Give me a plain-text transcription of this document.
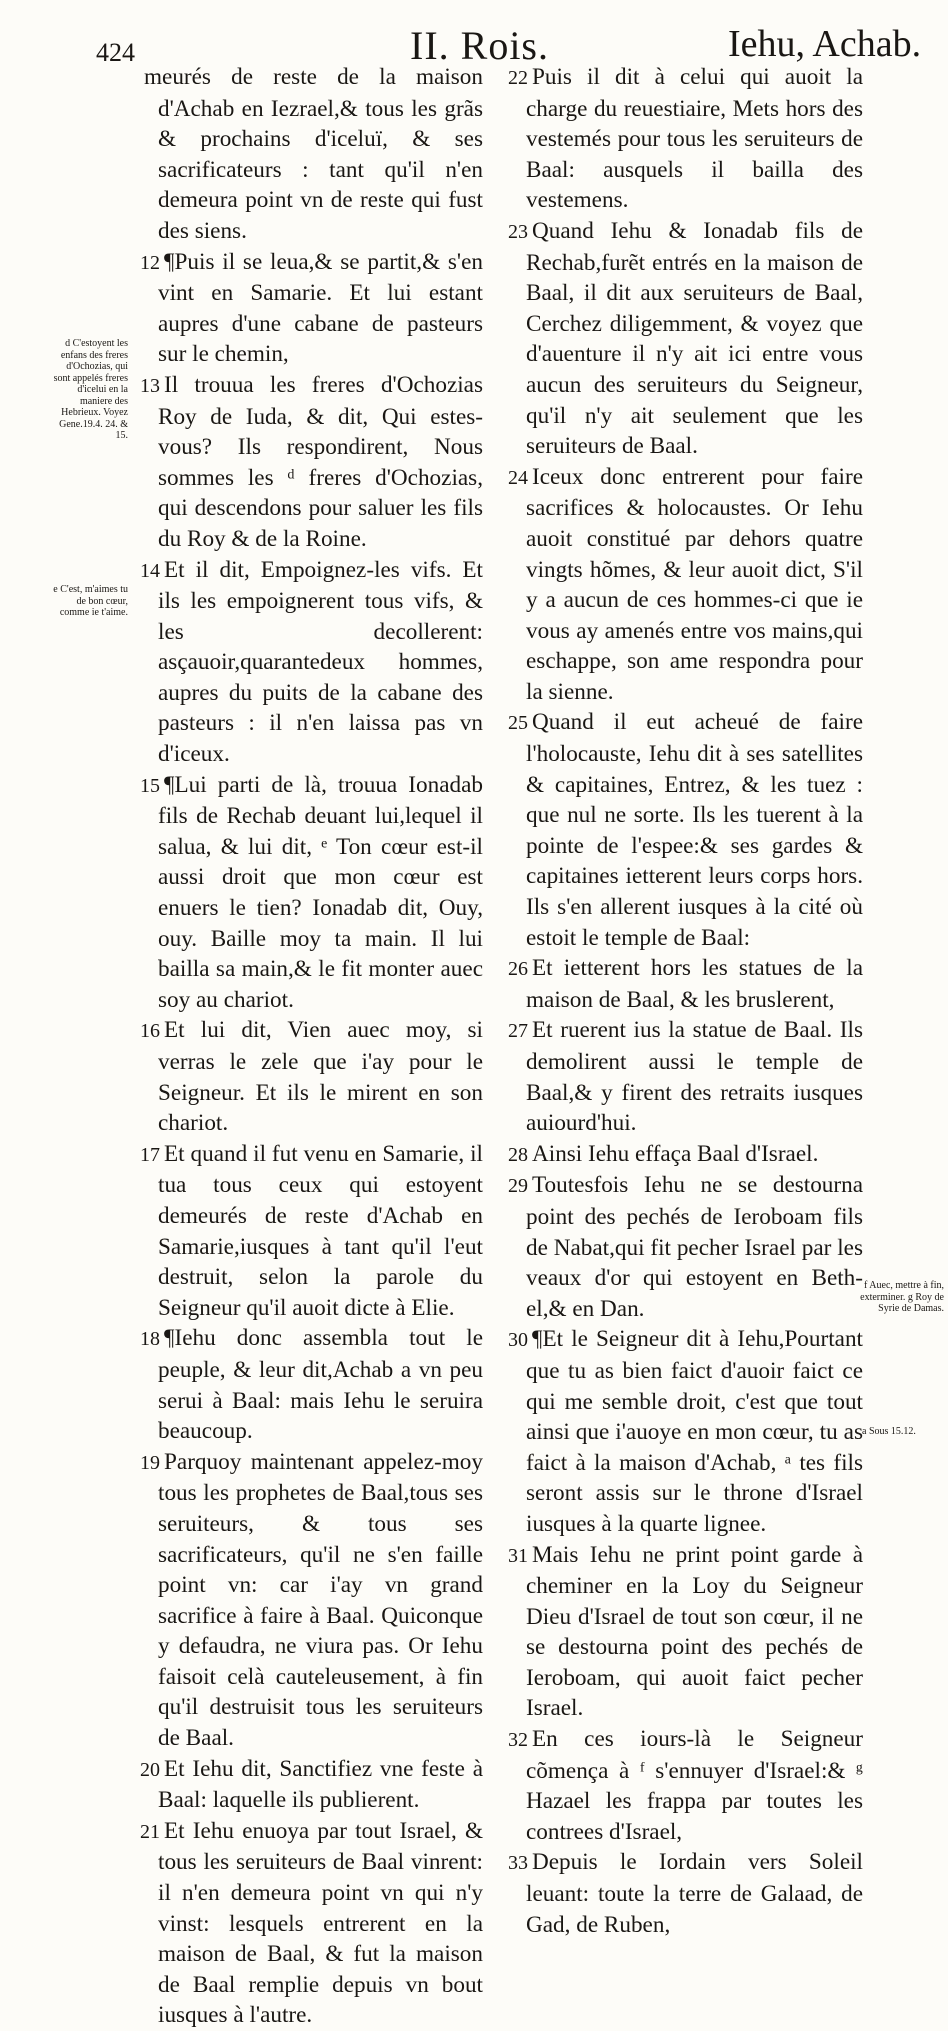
424	II. Rois.	Iehu, Achab.
d C'estoyent les enfans des freres d'Ochozias, qui sont appelés freres d'icelui en la maniere des Hebrieux. Voyez Gene.19.4. 24. & 15.
e C'est, m'aimes tu de bon cœur, comme ie t'aime.
a Sous 15.12.
f Auec, mettre à fin, exterminer. g Roy de Syrie de Damas.

meurés de reste de la maison d'Achab en Iezrael,& tous les grãs & prochains d'iceluï, & ses sacrificateurs : tant qu'il n'en demeura point vn de reste qui fust des siens.

12 ¶Puis il se leua,& se partit,& s'en vint en Samarie. Et lui estant aupres d'une cabane de pasteurs sur le chemin,

13 Il trouua les freres d'Ochozias Roy de Iuda, & dit, Qui estes-vous? Ils respondirent, Nous sommes les ᵈ freres d'Ochozias, qui descendons pour saluer les fils du Roy & de la Roine.

14 Et il dit, Empoignez-les vifs. Et ils les empoignerent tous vifs, & les decollerent: asçauoir,quarantedeux hommes, aupres du puits de la cabane des pasteurs : il n'en laissa pas vn d'iceux.

15 ¶Lui parti de là, trouua Ionadab fils de Rechab deuant lui,lequel il salua, & lui dit, ᵉ Ton cœur est-il aussi droit que mon cœur est enuers le tien? Ionadab dit, Ouy, ouy. Baille moy ta main. Il lui bailla sa main,& le fit monter auec soy au chariot.

16 Et lui dit, Vien auec moy, si verras le zele que i'ay pour le Seigneur. Et ils le mirent en son chariot.

17 Et quand il fut venu en Samarie, il tua tous ceux qui estoyent demeurés de reste d'Achab en Samarie,iusques à tant qu'il l'eut destruit, selon la parole du Seigneur qu'il auoit dicte à Elie.

18 ¶Iehu donc assembla tout le peuple, & leur dit,Achab a vn peu serui à Baal: mais Iehu le seruira beaucoup.

19 Parquoy maintenant appelez-moy tous les prophetes de Baal,tous ses seruiteurs, & tous ses sacrificateurs, qu'il ne s'en faille point vn: car i'ay vn grand sacrifice à faire à Baal. Quiconque y defaudra, ne viura pas. Or Iehu faisoit celà cauteleusement, à fin qu'il destruisit tous les seruiteurs de Baal.

20 Et Iehu dit, Sanctifiez vne feste à Baal: laquelle ils publierent.

21 Et Iehu enuoya par tout Israel, & tous les seruiteurs de Baal vinrent: il n'en demeura point vn qui n'y vinst: lesquels entrerent en la maison de Baal, & fut la maison de Baal remplie depuis vn bout iusques à l'autre.

22 Puis il dit à celui qui auoit la charge du reuestiaire, Mets hors des vestemés pour tous les seruiteurs de Baal: ausquels il bailla des vestemens.

23 Quand Iehu & Ionadab fils de Rechab,furẽt entrés en la maison de Baal, il dit aux seruiteurs de Baal, Cerchez diligemment, & voyez que d'auenture il n'y ait ici entre vous aucun des seruiteurs du Seigneur, qu'il n'y ait seulement que les seruiteurs de Baal.

24 Iceux donc entrerent pour faire sacrifices & holocaustes. Or Iehu auoit constitué par dehors quatre vingts hõmes, & leur auoit dict, S'il y a aucun de ces hommes-ci que ie vous ay amenés entre vos mains,qui eschappe, son ame respondra pour la sienne.

25 Quand il eut acheué de faire l'holocauste, Iehu dit à ses satellites & capitaines, Entrez, & les tuez : que nul ne sorte. Ils les tuerent à la pointe de l'espee:& ses gardes & capitaines ietterent leurs corps hors. Ils s'en allerent iusques à la cité où estoit le temple de Baal:

26 Et ietterent hors les statues de la maison de Baal, & les bruslerent,

27 Et ruerent ius la statue de Baal. Ils demolirent aussi le temple de Baal,& y firent des retraits iusques auiourd'hui.

28 Ainsi Iehu effaça Baal d'Israel.

29 Toutesfois Iehu ne se destourna point des pechés de Ieroboam fils de Nabat,qui fit pecher Israel par les veaux d'or qui estoyent en Beth-el,& en Dan.

30 ¶Et le Seigneur dit à Iehu,Pourtant que tu as bien faict d'auoir faict ce qui me semble droit, c'est que tout ainsi que i'auoye en mon cœur, tu as faict à la maison d'Achab, ᵃ tes fils seront assis sur le throne d'Israel iusques à la quarte lignee.

31 Mais Iehu ne print point garde à cheminer en la Loy du Seigneur Dieu d'Israel de tout son cœur, il ne se destourna point des pechés de Ieroboam, qui auoit faict pecher Israel.

32 En ces iours-là le Seigneur cõmença à ᶠ s'ennuyer d'Israel:& ᵍ Hazael les frappa par toutes les contrees d'Israel,

33 Depuis le Iordain vers Soleil leuant: toute la terre de Galaad, de Gad, de Ruben,
